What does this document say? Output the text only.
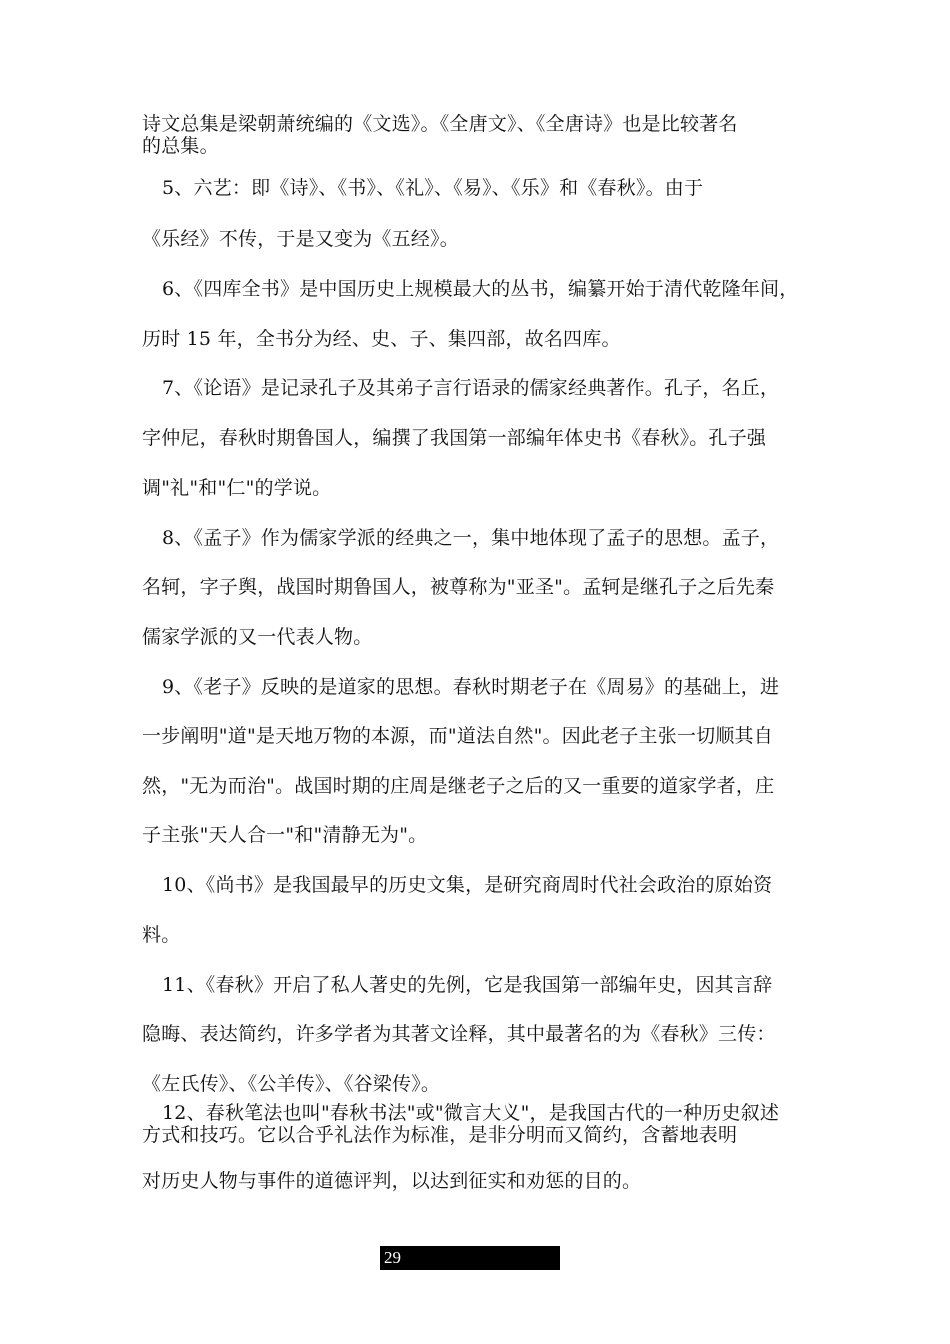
诗文总集是梁朝萧统编的《文选》。《全唐文》、《全唐诗》也是比较著名
的总集。
5、六艺：即《诗》、《书》、《礼》、《易》、《乐》和《春秋》。由于
《乐经》不传，于是又变为《五经》。
6、《四库全书》是中国历史上规模最大的丛书，编纂开始于清代乾隆年间，
历时 15 年，全书分为经、史、子、集四部，故名四库。
7、《论语》是记录孔子及其弟子言行语录的儒家经典著作。孔子，名丘，
字仲尼，春秋时期鲁国人，编撰了我国第一部编年体史书《春秋》。孔子强
调"礼"和"仁"的学说。
8、《孟子》作为儒家学派的经典之一，集中地体现了孟子的思想。孟子，
名轲，字子舆，战国时期鲁国人，被尊称为"亚圣"。孟轲是继孔子之后先秦
儒家学派的又一代表人物。
9、《老子》反映的是道家的思想。春秋时期老子在《周易》的基础上，进
一步阐明"道"是天地万物的本源，而"道法自然"。因此老子主张一切顺其自
然，"无为而治"。战国时期的庄周是继老子之后的又一重要的道家学者，庄
子主张"天人合一"和"清静无为"。
10、《尚书》是我国最早的历史文集，是研究商周时代社会政治的原始资
料。
11、《春秋》开启了私人著史的先例，它是我国第一部编年史，因其言辞
隐晦、表达简约，许多学者为其著文诠释，其中最著名的为《春秋》三传：
《左氏传》、《公羊传》、《谷梁传》。
12、春秋笔法也叫"春秋书法"或"微言大义"，是我国古代的一种历史叙述
方式和技巧。它以合乎礼法作为标准，是非分明而又简约，含蓄地表明
对历史人物与事件的道德评判，以达到征实和劝惩的目的。
29
